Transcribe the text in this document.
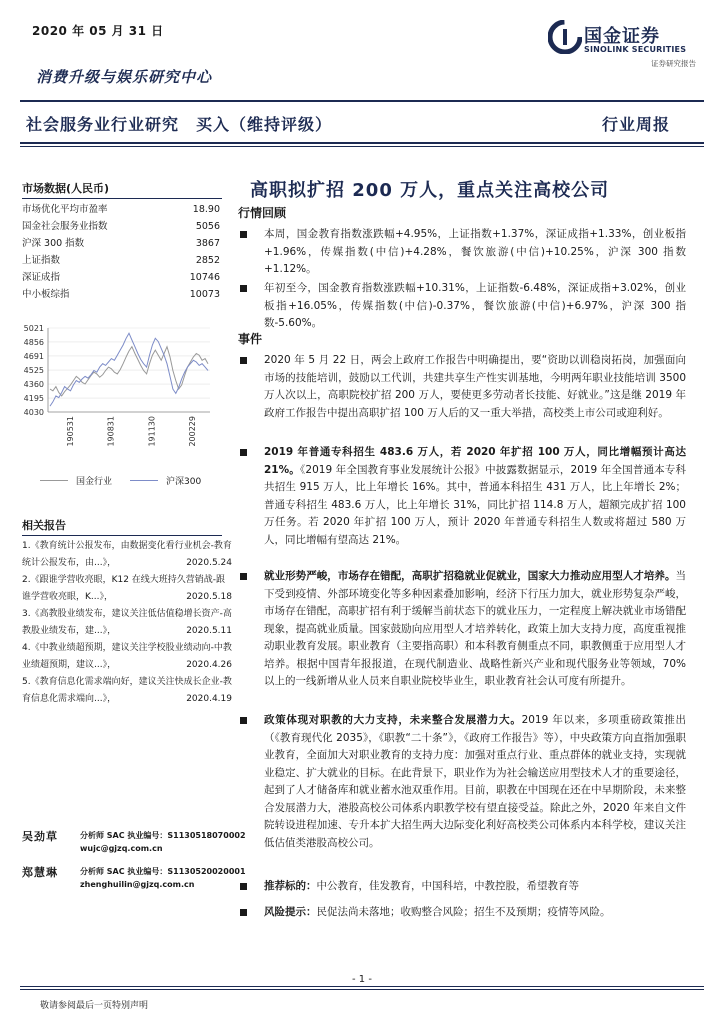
2020 年 05 月 31 日	国金证券
SINOLINK SECURITIES
证券研究报告
消费升级与娱乐研究中心
社会服务业行业研究　买入（维持评级）	行业周报
市场数据(人民币)
市场优化平均市盈率	18.90
国金社会服务业指数	5056
沪深 300 指数	3867
上证指数	2852
深证成指	10746
中小板综指	10073
5021
4856
4691
4525
4360
4195
4030
190531	190831	191130	200229
国金行业	沪深300
相关报告
1.《教育统计公报发布，由数据变化看行业机会-教育统计公报发布，由...》，	2020.5.24
2.《跟谁学营收亮眼，K12 在线大班持久营销战-跟谁学营收亮眼，K...》，	2020.5.18
3.《高教股业绩发布，建议关注低估值稳增长资产-高教股业绩发布，建...》，	2020.5.11
4.《中教业绩超预期，建议关注学校股业绩动向-中教业绩超预期，建议...》，	2020.4.26
5.《教育信息化需求端向好，建议关注快成长企业-教育信息化需求端向...》，	2020.4.19
吴劲草	分析师 SAC 执业编号：S1130518070002
wujc@gjzq.com.cn
郑慧琳	分析师 SAC 执业编号：S1130520020001
zhenghuilin@gjzq.com.cn
高职拟扩招 200 万人，重点关注高校公司
行情回顾
本周，国金教育指数涨跌幅+4.95%，上证指数+1.37%，深证成指+1.33%，创业板指+1.96%，传媒指数(中信)+4.28%，餐饮旅游(中信)+10.25%，沪深 300 指数+1.12%。
年初至今，国金教育指数涨跌幅+10.31%，上证指数-6.48%，深证成指+3.02%，创业板指+16.05%，传媒指数(中信)-0.37%，餐饮旅游(中信)+6.97%，沪深 300 指数-5.60%。
事件
2020 年 5 月 22 日，两会上政府工作报告中明确提出，要“资助以训稳岗拓岗，加强面向市场的技能培训，鼓励以工代训，共建共享生产性实训基地，今明两年职业技能培训 3500 万人次以上，高职院校扩招 200 万人，要使更多劳动者长技能、好就业。”这是继 2019 年政府工作报告中提出高职扩招 100 万人后的又一重大举措，高校类上市公司或迎利好。
2019 年普通专科招生 483.6 万人，若 2020 年扩招 100 万人，同比增幅预计高达 21%。《2019 年全国教育事业发展统计公报》中披露数据显示，2019 年全国普通本专科共招生 915 万人，比上年增长 16%。其中，普通本科招生 431 万人，比上年增长 2%；普通专科招生 483.6 万人，比上年增长 31%，同比扩招 114.8 万人，超额完成扩招 100 万任务。若 2020 年扩招 100 万人，预计 2020 年普通专科招生人数或将超过 580 万人，同比增幅有望高达 21%。
就业形势严峻，市场存在错配，高职扩招稳就业促就业，国家大力推动应用型人才培养。当下受到疫情、外部环境变化等多种因素叠加影响，经济下行压力加大，就业形势复杂严峻，市场存在错配，高职扩招有利于缓解当前状态下的就业压力，一定程度上解决就业市场错配现象，提高就业质量。国家鼓励向应用型人才培养转化，政策上加大支持力度，高度重视推动职业教育发展。职业教育（主要指高职）和本科教育侧重点不同，职教侧重于应用型人才培养。根据中国青年报报道，在现代制造业、战略性新兴产业和现代服务业等领域，70%以上的一线新增从业人员来自职业院校毕业生，职业教育社会认可度有所提升。
政策体现对职教的大力支持，未来整合发展潜力大。2019 年以来，多项重磅政策推出（《教育现代化 2035》，《职教“二十条”》，《政府工作报告》等），中央政策方向直指加强职业教育，全面加大对职业教育的支持力度：加强对重点行业、重点群体的就业支持，实现就业稳定、扩大就业的目标。在此背景下，职业作为为社会输送应用型技术人才的重要途径，起到了人才储备库和就业蓄水池双重作用。目前，职教在中国现在还在中早期阶段，未来整合发展潜力大，港股高校公司体系内职教学校有望直接受益。除此之外，2020 年来自文件院转设进程加速、专升本扩大招生两大边际变化利好高校类公司体系内本科学校，建议关注低估值类港股高校公司。
推荐标的：中公教育，佳发教育，中国科培，中教控股，希望教育等
风险提示：民促法尚未落地；收购整合风险；招生不及预期；疫情等风险。
- 1 -
敬请参阅最后一页特别声明
